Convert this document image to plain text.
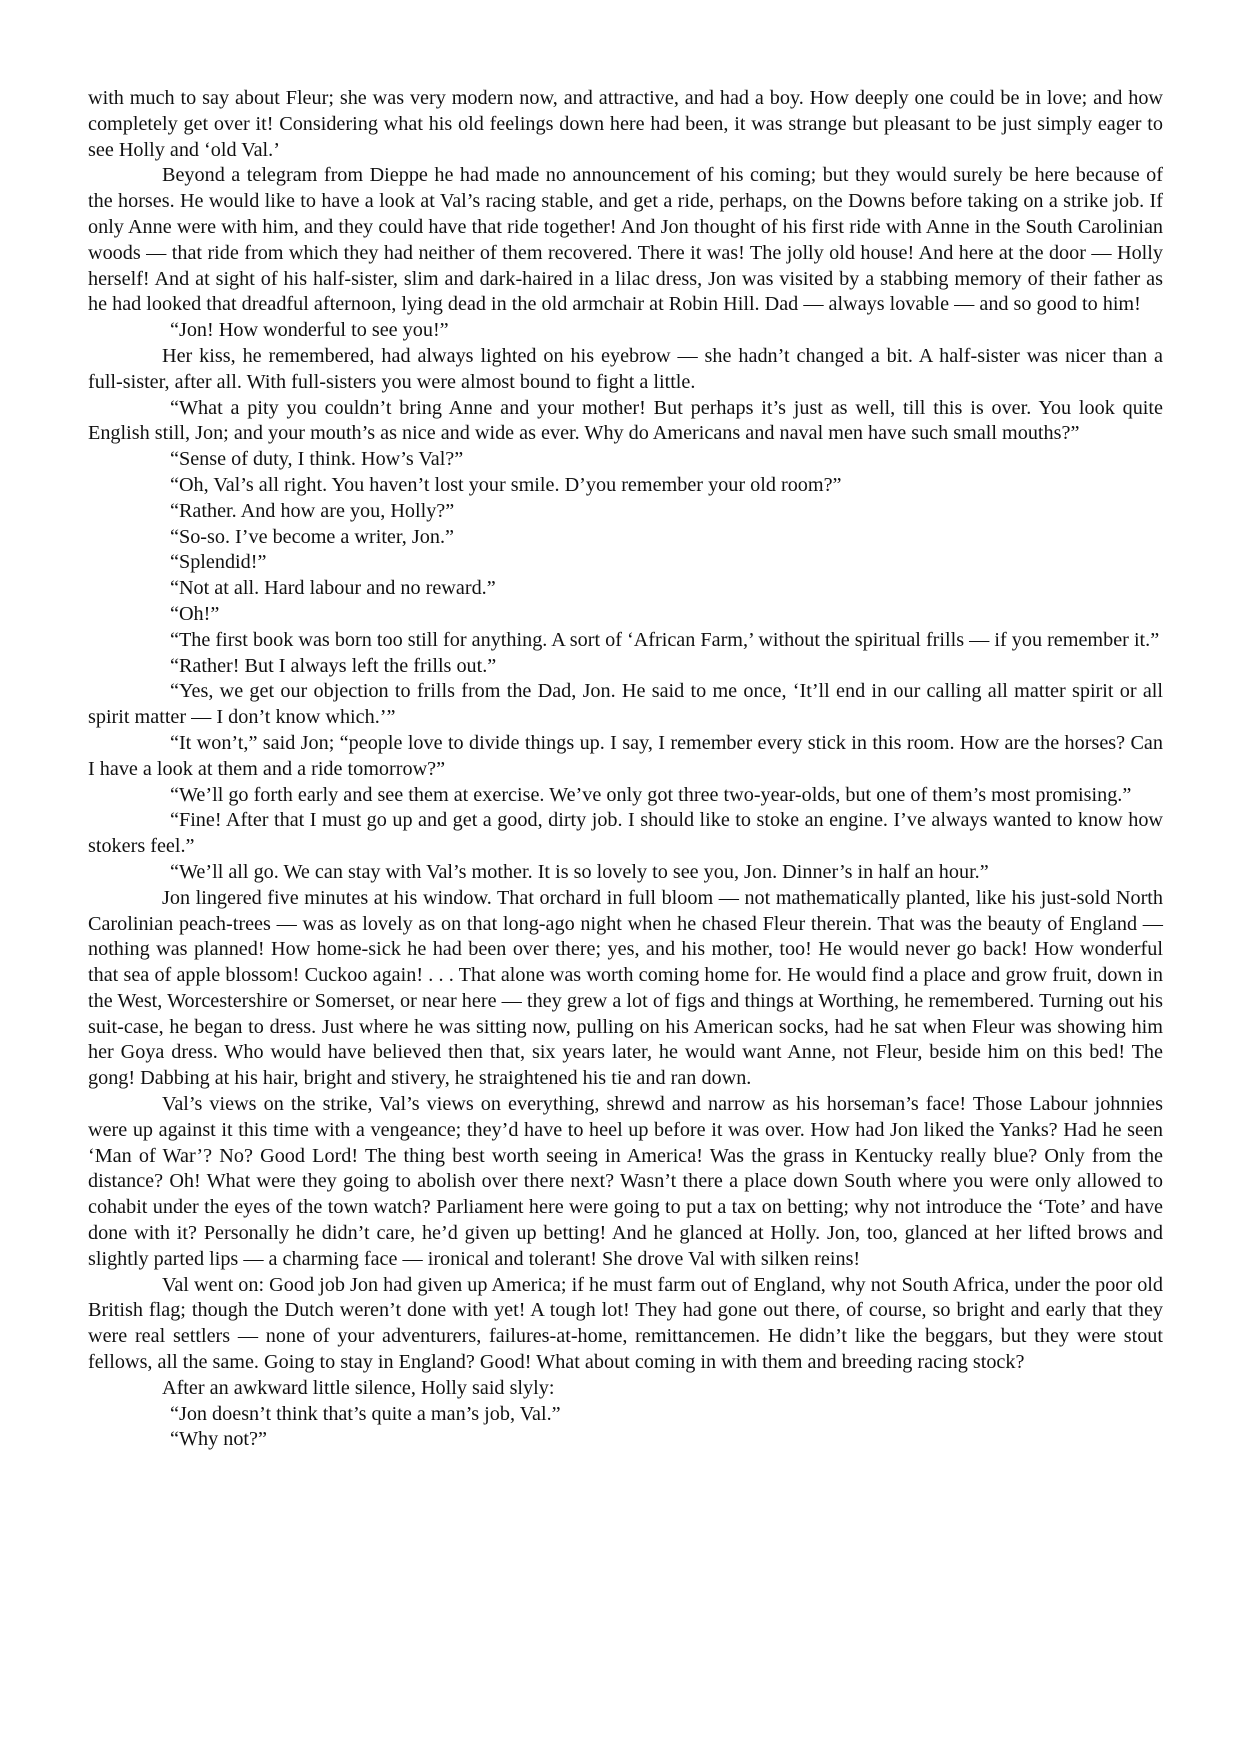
with much to say about Fleur; she was very modern now, and attractive, and had a boy. How deeply one could be in love; and how completely get over it! Considering what his old feelings down here had been, it was strange but pleasant to be just simply eager to see Holly and ‘old Val.’

Beyond a telegram from Dieppe he had made no announcement of his coming; but they would surely be here because of the horses. He would like to have a look at Val’s racing stable, and get a ride, perhaps, on the Downs before taking on a strike job. If only Anne were with him, and they could have that ride together! And Jon thought of his first ride with Anne in the South Carolinian woods — that ride from which they had neither of them recovered. There it was! The jolly old house! And here at the door — Holly herself! And at sight of his half-sister, slim and dark-haired in a lilac dress, Jon was visited by a stabbing memory of their father as he had looked that dreadful afternoon, lying dead in the old armchair at Robin Hill. Dad — always lovable — and so good to him!

“Jon! How wonderful to see you!”

Her kiss, he remembered, had always lighted on his eyebrow — she hadn’t changed a bit. A half-sister was nicer than a full-sister, after all. With full-sisters you were almost bound to fight a little.

“What a pity you couldn’t bring Anne and your mother! But perhaps it’s just as well, till this is over. You look quite English still, Jon; and your mouth’s as nice and wide as ever. Why do Americans and naval men have such small mouths?”

“Sense of duty, I think. How’s Val?”

“Oh, Val’s all right. You haven’t lost your smile. D’you remember your old room?”

“Rather. And how are you, Holly?”

“So-so. I’ve become a writer, Jon.”

“Splendid!”

“Not at all. Hard labour and no reward.”

“Oh!”

“The first book was born too still for anything. A sort of ‘African Farm,’ without the spiritual frills — if you remember it.”

“Rather! But I always left the frills out.”

“Yes, we get our objection to frills from the Dad, Jon. He said to me once, ‘It’ll end in our calling all matter spirit or all spirit matter — I don’t know which.’”

“It won’t,” said Jon; “people love to divide things up. I say, I remember every stick in this room. How are the horses? Can I have a look at them and a ride tomorrow?”

“We’ll go forth early and see them at exercise. We’ve only got three two-year-olds, but one of them’s most promising.”

“Fine! After that I must go up and get a good, dirty job. I should like to stoke an engine. I’ve always wanted to know how stokers feel.”

“We’ll all go. We can stay with Val’s mother. It is so lovely to see you, Jon. Dinner’s in half an hour.”

Jon lingered five minutes at his window. That orchard in full bloom — not mathematically planted, like his just-sold North Carolinian peach-trees — was as lovely as on that long-ago night when he chased Fleur therein. That was the beauty of England — nothing was planned! How home-sick he had been over there; yes, and his mother, too! He would never go back! How wonderful that sea of apple blossom! Cuckoo again! . . . That alone was worth coming home for. He would find a place and grow fruit, down in the West, Worcestershire or Somerset, or near here — they grew a lot of figs and things at Worthing, he remembered. Turning out his suit-case, he began to dress. Just where he was sitting now, pulling on his American socks, had he sat when Fleur was showing him her Goya dress. Who would have believed then that, six years later, he would want Anne, not Fleur, beside him on this bed! The gong! Dabbing at his hair, bright and stivery, he straightened his tie and ran down.

Val’s views on the strike, Val’s views on everything, shrewd and narrow as his horseman’s face! Those Labour johnnies were up against it this time with a vengeance; they’d have to heel up before it was over. How had Jon liked the Yanks? Had he seen ‘Man of War’? No? Good Lord! The thing best worth seeing in America! Was the grass in Kentucky really blue? Only from the distance? Oh! What were they going to abolish over there next? Wasn’t there a place down South where you were only allowed to cohabit under the eyes of the town watch? Parliament here were going to put a tax on betting; why not introduce the ‘Tote’ and have done with it? Personally he didn’t care, he’d given up betting! And he glanced at Holly. Jon, too, glanced at her lifted brows and slightly parted lips — a charming face — ironical and tolerant! She drove Val with silken reins!

Val went on: Good job Jon had given up America; if he must farm out of England, why not South Africa, under the poor old British flag; though the Dutch weren’t done with yet! A tough lot! They had gone out there, of course, so bright and early that they were real settlers — none of your adventurers, failures-at-home, remittancemen. He didn’t like the beggars, but they were stout fellows, all the same. Going to stay in England? Good! What about coming in with them and breeding racing stock?

After an awkward little silence, Holly said slyly:

“Jon doesn’t think that’s quite a man’s job, Val.”

“Why not?”
